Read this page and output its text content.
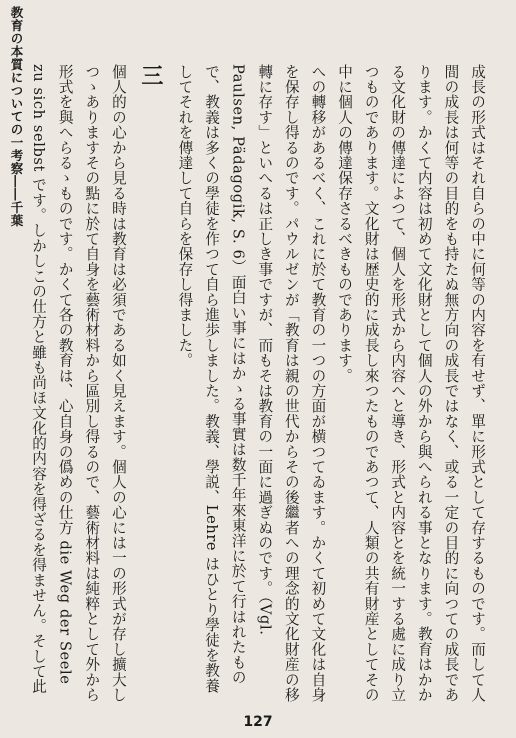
教育の本質についての一考察――千葉	成長の形式はそれ自らの中に何等の内容を有せず、單に形式として存するものです。而して人間の成長は何等の目的をも持たぬ無方向の成長ではなく、或る一定の目的に向つての成長であります。かくて内容は初めて文化財として個人の外から與へられる事となります。教育はかかる文化財の傳達によつて、個人を形式から内容へと導き、形式と内容とを統一する處に成り立つものであります。文化財は歴史的に成長し來つたものであつて、人類の共有財産としてその中に個人の傳達保存さるべきものであります。

への轉移があるべく、これに於て教育の一つの方面が横つてゐます。かくて初めて文化は自身を保存し得るのです。パウルゼンが「教育は親の世代からその後繼者への理念的文化財産の移轉に存す」といへるは正しき事ですが、而もそは教育の一面に過ぎぬのです。（Vgl. Paulsen, Pädagogik, S. 6）面白い事にはかゝる事實は数千年來東洋に於て行はれたもので、教義は多くの學徒を作つて自ら進歩しました。教義、學説、Lehre はひとり學徒を教養してそれを傳達して自らを保存し得ました。

三

個人的の心から見る時は教育は必須である如く見えます。個人の心には一の形式が存し擴大しつゝありますその點に於て自身を藝術材料から區別し得るので、藝術材料は純粹として外から形式を與へらるゝものです。かくて各の教育は、心自身の僞めの仕方 die Weg der Seele zu sich selbst です。しかしこの仕方と雖も尚ほ文化的内容を得ざるを得ません。そして此

127
